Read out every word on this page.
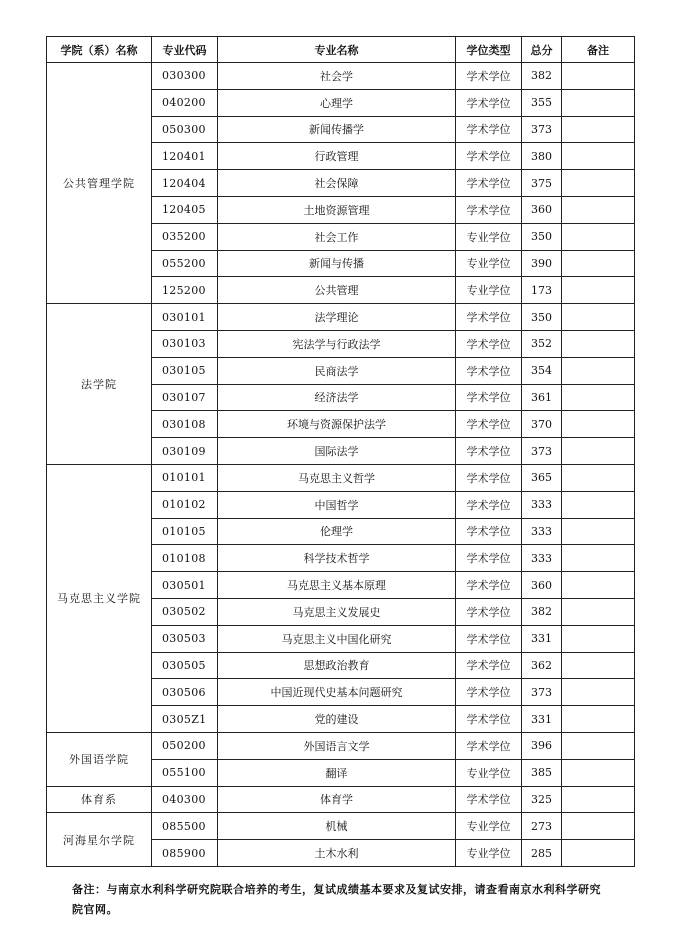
学院（系）名称	专业代码	专业名称	学位类型	总分	备注
公共管理学院	030300	社会学	学术学位	382	
	040200	心理学	学术学位	355	
	050300	新闻传播学	学术学位	373	
	120401	行政管理	学术学位	380	
	120404	社会保障	学术学位	375	
	120405	土地资源管理	学术学位	360	
	035200	社会工作	专业学位	350	
	055200	新闻与传播	专业学位	390	
	125200	公共管理	专业学位	173	
法学院	030101	法学理论	学术学位	350	
	030103	宪法学与行政法学	学术学位	352	
	030105	民商法学	学术学位	354	
	030107	经济法学	学术学位	361	
	030108	环境与资源保护法学	学术学位	370	
	030109	国际法学	学术学位	373	
马克思主义学院	010101	马克思主义哲学	学术学位	365	
	010102	中国哲学	学术学位	333	
	010105	伦理学	学术学位	333	
	010108	科学技术哲学	学术学位	333	
	030501	马克思主义基本原理	学术学位	360	
	030502	马克思主义发展史	学术学位	382	
	030503	马克思主义中国化研究	学术学位	331	
	030505	思想政治教育	学术学位	362	
	030506	中国近现代史基本问题研究	学术学位	373	
	0305Z1	党的建设	学术学位	331	
外国语学院	050200	外国语言文学	学术学位	396	
	055100	翻译	专业学位	385	
体育系	040300	体育学	学术学位	325	
河海星尔学院	085500	机械	专业学位	273	
	085900	土木水利	专业学位	285	
备注：与南京水利科学研究院联合培养的考生，复试成绩基本要求及复试安排，请查看南京水利科学研究院官网。
